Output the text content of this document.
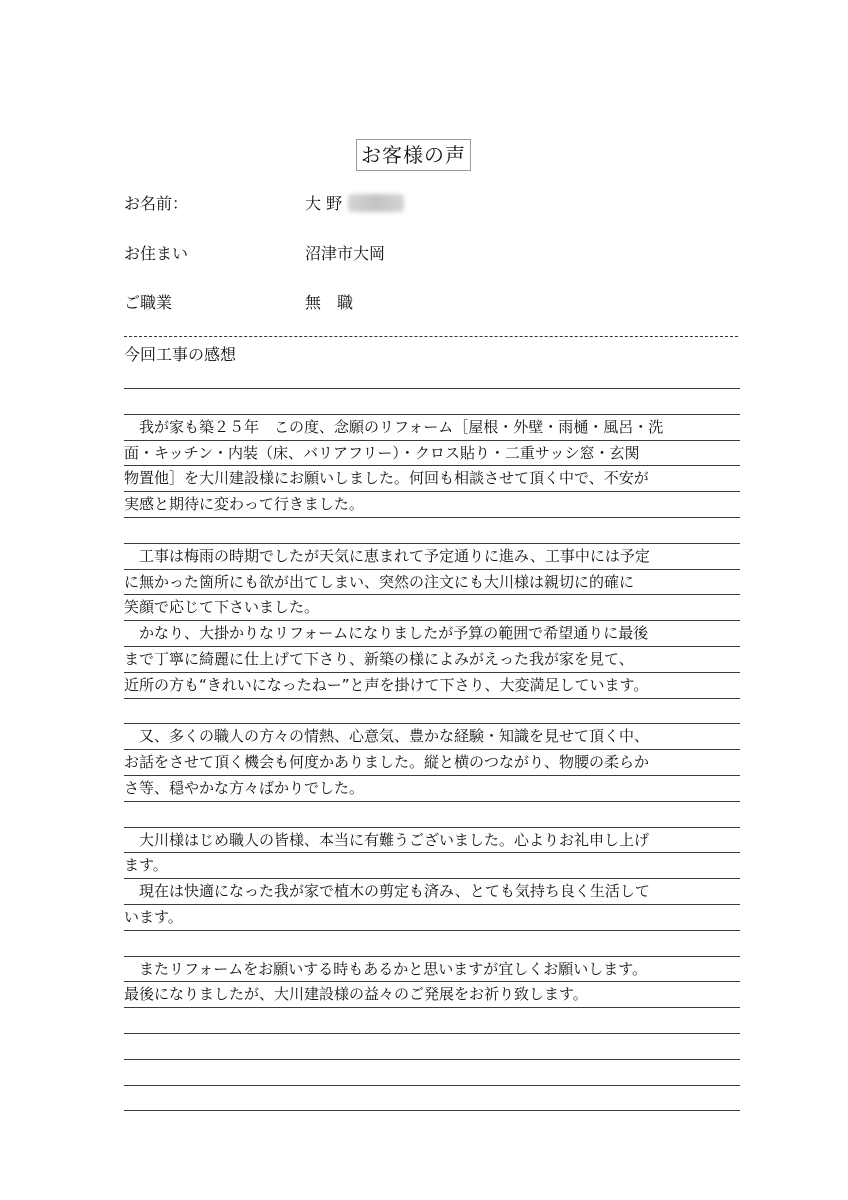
お客様の声
お名前：	大 野
お住まい	沼津市大岡
ご職業	無　職
今回工事の感想
　我が家も築２５年　この度、念願のリフォーム［屋根・外壁・雨樋・風呂・洗
面・キッチン・内装（床、バリアフリー）・クロス貼り・二重サッシ窓・玄関
物置他］を大川建設様にお願いしました。何回も相談させて頂く中で、不安が
実感と期待に変わって行きました。
　工事は梅雨の時期でしたが天気に恵まれて予定通りに進み、工事中には予定
に無かった箇所にも欲が出てしまい、突然の注文にも大川様は親切に的確に
笑顔で応じて下さいました。
　かなり、大掛かりなリフォームになりましたが予算の範囲で希望通りに最後
まで丁寧に綺麗に仕上げて下さり、新築の様によみがえった我が家を見て、
近所の方も“きれいになったねー”と声を掛けて下さり、大変満足しています。
　又、多くの職人の方々の情熱、心意気、豊かな経験・知識を見せて頂く中、
お話をさせて頂く機会も何度かありました。縦と横のつながり、物腰の柔らか
さ等、穏やかな方々ばかりでした。
　大川様はじめ職人の皆様、本当に有難うございました。心よりお礼申し上げ
ます。
　現在は快適になった我が家で植木の剪定も済み、とても気持ち良く生活して
います。
　またリフォームをお願いする時もあるかと思いますが宜しくお願いします。
最後になりましたが、大川建設様の益々のご発展をお祈り致します。
